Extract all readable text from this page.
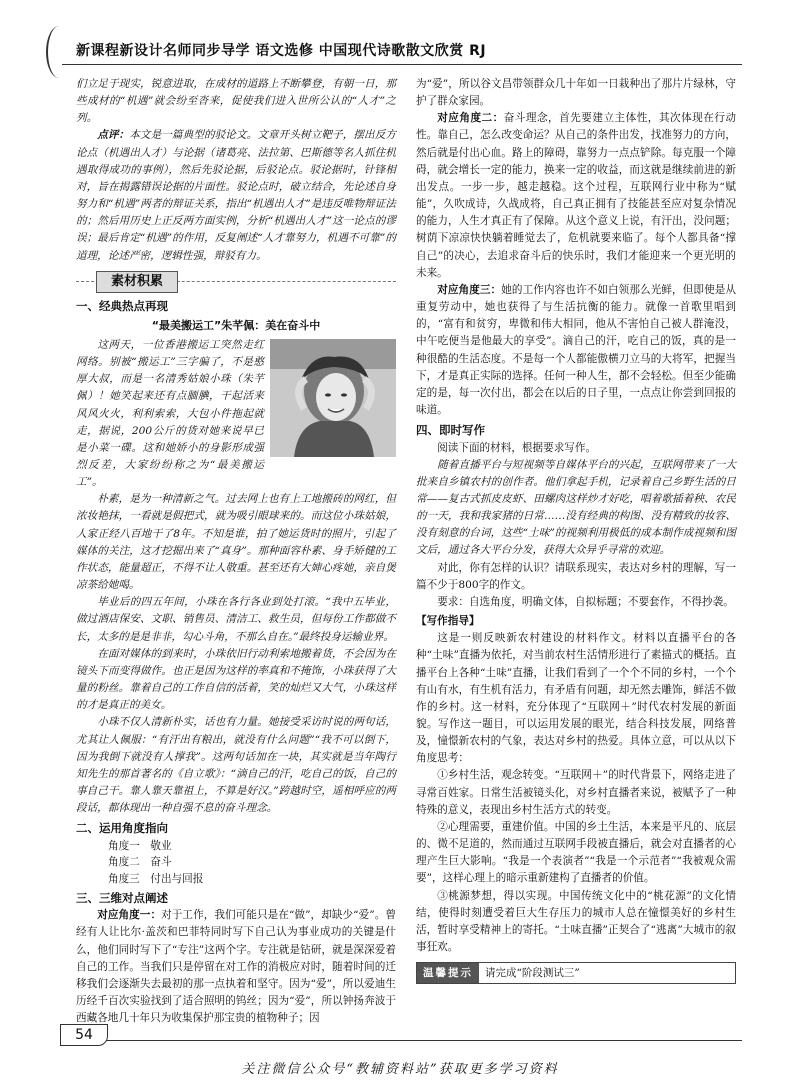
新课程新设计名师同步导学 语文选修 中国现代诗歌散文欣赏 RJ

们立足于现实，锐意进取，在成材的道路上不断攀登，有朝一日，那些成材的“机遇”就会纷至沓来，促使我们进入世所公认的“人才”之列。

点评：本文是一篇典型的驳论文。文章开头树立靶子，摆出反方论点（机遇出人才）与论据（诸葛亮、法拉第、巴斯德等名人抓住机遇取得成功的事例），然后先驳论据，后驳论点。驳论据时，针锋相对，旨在揭露错误论据的片面性。驳论点时，破立结合，先论述自身努力和“机遇”两者的辩证关系，指出“机遇出人才”是违反唯物辩证法的；然后用历史上正反两方面实例，分析“机遇出人才”这一论点的谬误；最后肯定“机遇”的作用，反复阐述“人才靠努力，机遇不可靠”的道理，论述严密，逻辑性强，辩驳有力。

素材积累
一、经典热点再现
“最美搬运工”朱芊佩：美在奋斗中

这两天，一位香港搬运工突然走红网络。别被“搬运工”三字骗了，不是憨厚大叔，而是一名清秀姑娘小珠（朱芊佩）！她笑起来还有点腼腆，干起活来风风火火，利利索索，大包小件拖起就走，据说，200公斤的货对她来说早已是小菜一碟。这和她娇小的身影形成强烈反差，大家纷纷称之为“最美搬运工”。

朴素，是为一种清新之气。过去网上也有上工地搬砖的网红，但浓妆艳抹，一看就是假把式，就为吸引眼球来的。而这位小珠姑娘，人家正经八百地干了8年。不知是谁，拍了她运货时的照片，引起了媒体的关注，这才挖掘出来了“真身”。那种面容朴素、身手矫健的工作状态，能量超正，不得不让人敬重。甚至还有大婶心疼她，亲自煲凉茶给她喝。

毕业后的四五年间，小珠在各行各业到处打滚。“我中五毕业，做过酒店保安、文职、销售员、清洁工、救生员，但每份工作都做不长，太多的是是非非，勾心斗角，不那么自在。”最终投身运输业界。

在面对媒体的到来时，小珠依旧行动利索地搬着货，不会因为在镜头下而变得做作。也正是因为这样的率真和不掩饰，小珠获得了大量的粉丝。靠着自己的工作自信的活着，笑的灿烂又大气，小珠这样的才是真正的美女。

小珠不仅人清新朴实，话也有力量。她接受采访时说的两句话，尤其让人佩服：“有汗出有粮出，就没有什么问题”“我不可以倒下，因为我倒下就没有人撑我”。这两句话加在一块，其实就是当年陶行知先生的那首著名的《自立歌》：“滴自己的汗，吃自己的饭，自己的事自己干。靠人靠天靠祖上，不算是好汉。”跨越时空，遥相呼应的两段话，都体现出一种自强不息的奋斗理念。

二、运用角度指向
角度一　敬业
角度二　奋斗
角度三　付出与回报
三、三维对点阐述

对应角度一：对于工作，我们可能只是在“做”，却缺少“爱”。曾经有人让比尔·盖茨和巴菲特同时写下自己认为事业成功的关键是什么，他们同时写下了“专注”这两个字。专注就是钻研，就是深深爱着自己的工作。当我们只是停留在对工作的消极应对时，随着时间的迁移我们会逐渐失去最初的那一点执着和坚守。因为“爱”，所以爱迪生历经千百次实验找到了适合照明的钨丝；因为“爱”，所以钟扬奔波于西藏各地几十年只为收集保护那宝贵的植物种子；因

为“爱”，所以谷文昌带领群众几十年如一日栽种出了那片片绿林，守护了群众家园。

对应角度二：奋斗理念，首先要建立主体性，其次体现在行动性。靠自己，怎么改变命运？从自己的条件出发，找准努力的方向，然后就是付出心血。路上的障碍，靠努力一点点铲除。每克服一个障碍，就会增长一定的能力，换来一定的收益，而这就是继续前进的新出发点。一步一步，越走越稳。这个过程，互联网行业中称为“赋能”，久吹成诗，久战成将，自己真正拥有了技能甚至应对复杂情况的能力，人生才真正有了保障。从这个意义上说，有汗出，没问题；树荫下凉凉快快躺着睡觉去了，危机就要来临了。每个人都具备“撑自己”的决心，去追求奋斗后的快乐时，我们才能迎来一个更光明的未来。

对应角度三：她的工作内容也许不如白领那么光鲜，但即使是从重复劳动中，她也获得了与生活抗衡的能力。就像一首歌里唱到的，“富有和贫穷，卑微和伟大相同，他从不害怕自己被人群淹没，中午吃便当是他最大的享受”。滴自己的汗，吃自己的饭，真的是一种很酷的生活态度。不是每一个人都能傲横刀立马的大将军，把握当下，才是真正实际的选择。任何一种人生，都不会轻松。但至少能确定的是，每一次付出，都会在以后的日子里，一点点让你尝到回报的味道。

四、即时写作

阅读下面的材料，根据要求写作。

随着直播平台与短视频等自媒体平台的兴起，互联网带来了一大批来自乡镇农村的创作者。他们拿起手机，记录着自己乡野生活的日常——复古式抓皮皮虾、田螺肉这样炒才好吃，唱着歌插着秧、农民的一天，我和我家猪的日常……没有经典的构图、没有精致的妆容、没有刻意的台词，这些“土味”的视频利用极低的成本制作成视频和图文后，通过各大平台分发，获得大众异乎寻常的欢迎。

对此，你有怎样的认识？请联系现实，表达对乡村的理解，写一篇不少于800字的作文。

要求：自选角度，明确文体，自拟标题；不要套作，不得抄袭。

【写作指导】

这是一则反映新农村建设的材料作文。材料以直播平台的各种“土味”直播为依托，对当前农村生活情形进行了素描式的概括。直播平台上各种“土味”直播，让我们看到了一个个不同的乡村，一个个有山有水，有生机有活力，有矛盾有问题，却无然去雕饰，鲜活不做作的乡村。这一材料，充分体现了“互联网＋”时代农村发展的新面貌。写作这一题目，可以运用发展的眼光，结合科技发展，网络普及，憧憬新农村的气象，表达对乡村的热爱。具体立意，可以从以下角度思考：

①乡村生活，观念转变。“互联网＋”的时代背景下，网络走进了寻常百姓家。日常生活被镜头化，对乡村直播者来说，被赋予了一种特殊的意义，表现出乡村生活方式的转变。

②心理需要，重建价值。中国的乡土生活，本来是平凡的、底层的、微不足道的，然而通过互联网手段被直播后，就会对直播者的心理产生巨大影响。“我是一个表演者”“我是一个示范者”“我被观众需要”，这样心理上的暗示重新建构了直播者的价值。

③桃源梦想，得以实现。中国传统文化中的“桃花源”的文化情结，使得时刻遭受着巨大生存压力的城市人总在憧憬美好的乡村生活，暂时享受精神上的寄托。“土味直播”正契合了“逃离”大城市的叙事狂欢。

温馨提示	请完成“阶段测试三”
54
关注微信公众号“教辅资料站”获取更多学习资料
